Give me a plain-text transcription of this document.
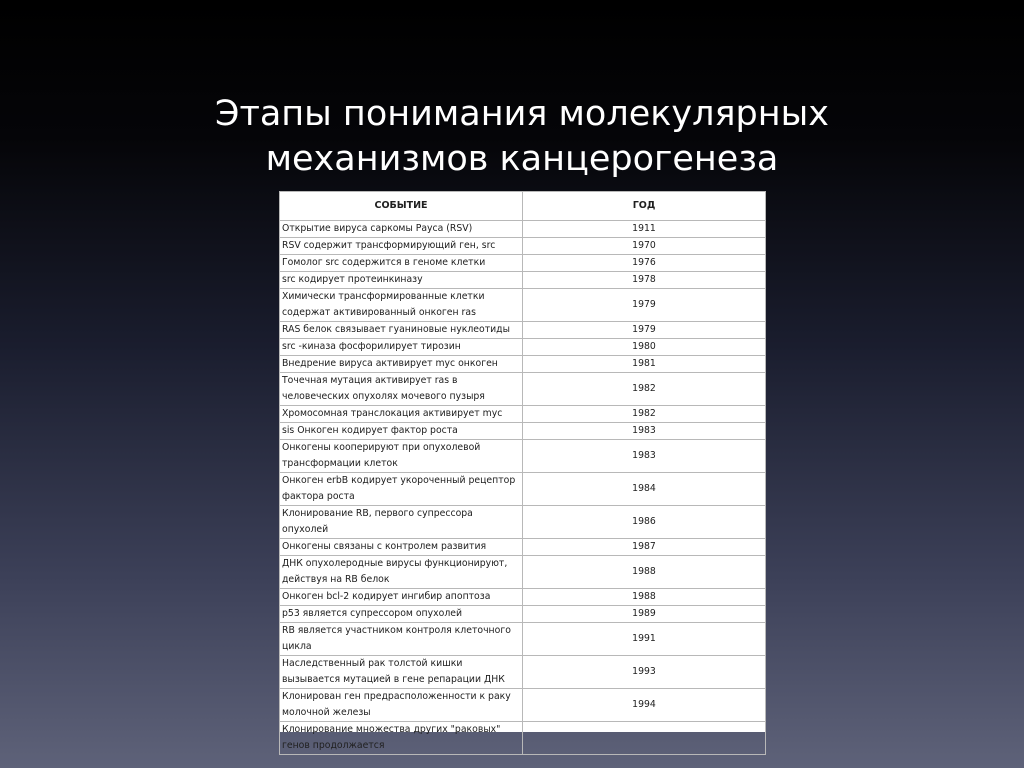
Этапы понимания молекулярных
механизмов канцерогенеза
СОБЫТИЕ	ГОД
Открытие вируса саркомы Рауса (RSV)	1911
RSV содержит трансформирующий ген, src	1970
Гомолог src содержится в геноме клетки	1976
src кодирует протеинкиназу	1978
Химически трансформированные клетки содержат активированный онкоген ras	1979
RAS белок связывает гуаниновые нуклеотиды	1979
src -киназа фосфорилирует тирозин	1980
Внедрение вируса активирует myc онкоген	1981
Точечная мутация активирует ras в человеческих опухолях мочевого пузыря	1982
Хромосомная транслокация активирует myc	1982
sis Онкоген кодирует фактор роста	1983
Онкогены кооперируют при опухолевой трансформации клеток	1983
Онкоген erbB кодирует укороченный рецептор фактора роста	1984
Клонирование RB, первого супрессора опухолей	1986
Онкогены связаны с контролем развития	1987
ДНК опухолеродные вирусы функционируют, действуя на RB белок	1988
Онкоген bcl-2 кодирует ингибир апоптоза	1988
p53 является супрессором опухолей	1989
RB является участником контроля клеточного цикла	1991
Наследственный рак толстой кишки вызывается мутацией в гене репарации ДНК	1993
Клонирован ген предрасположенности к раку молочной железы	1994
Клонирование множества других "раковых" генов продолжается	
